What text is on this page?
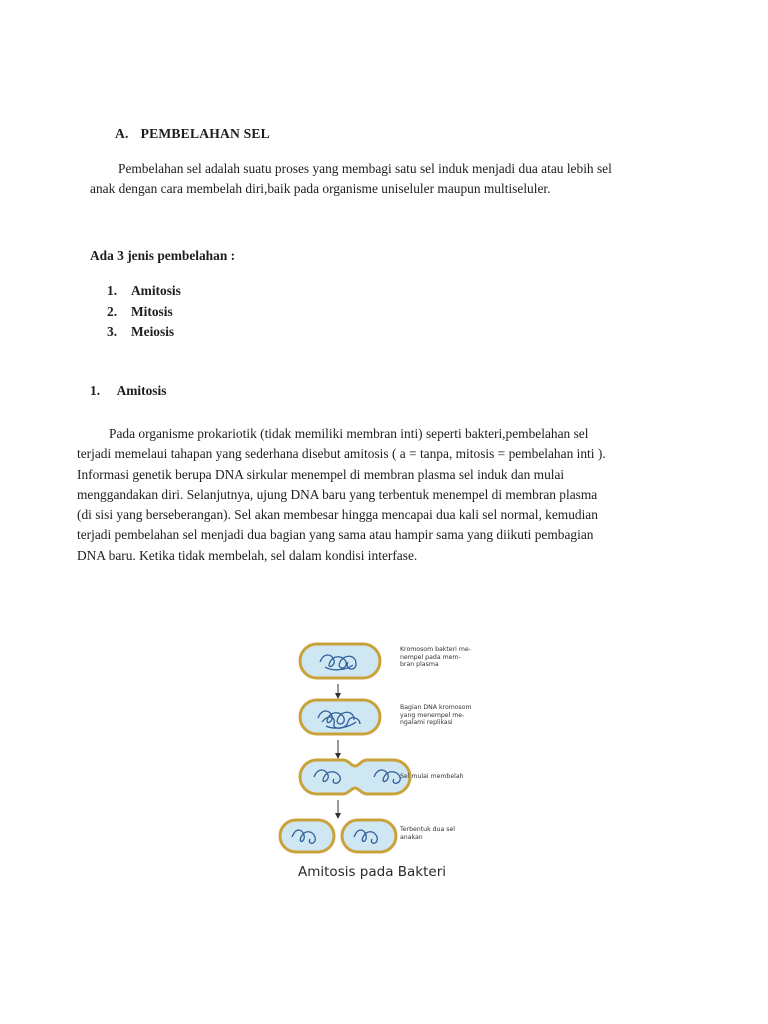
A. PEMBELAHAN SEL
Pembelahan sel adalah suatu proses yang membagi satu sel induk menjadi dua atau lebih sel
anak dengan cara membelah diri,baik pada organisme uniseluler maupun multiseluler.
Ada 3 jenis pembelahan :
1. Amitosis
2. Mitosis
3. Meiosis
1. Amitosis
Pada organisme prokariotik (tidak memiliki membran inti) seperti bakteri,pembelahan sel
terjadi memelaui tahapan yang sederhana disebut amitosis ( a = tanpa, mitosis = pembelahan inti ).
Informasi genetik berupa DNA sirkular menempel di membran plasma sel induk dan mulai
menggandakan diri. Selanjutnya, ujung DNA baru yang terbentuk menempel di membran plasma
(di sisi yang berseberangan). Sel akan membesar hingga mencapai dua kali sel normal, kemudian
terjadi pembelahan sel menjadi dua bagian yang sama atau hampir sama yang diikuti pembagian
DNA baru. Ketika tidak membelah, sel dalam kondisi interfase.
Kromosom bakteri me-
nempel pada mem-
bran plasma
Bagian DNA kromosom
yang menempel me-
ngalami replikasi
Sel mulai membelah
Terbentuk dua sel
anakan
Amitosis pada Bakteri
